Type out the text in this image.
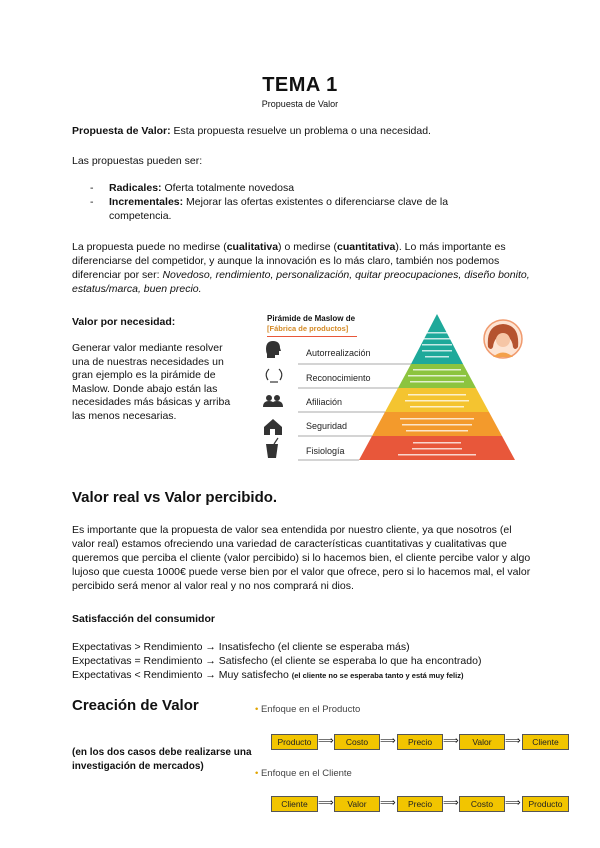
TEMA 1
Propuesta de Valor

Propuesta de Valor: Esta propuesta resuelve un problema o una necesidad.

Las propuestas pueden ser:

- Radicales: Oferta totalmente novedosa
- Incrementales: Mejorar las ofertas existentes o diferenciarse clave de la competencia.

La propuesta puede no medirse (cualitativa) o medirse (cuantitativa). Lo más importante es diferenciarse del competidor, y aunque la innovación es lo más claro, también nos podemos diferenciar por ser: Novedoso, rendimiento, personalización, quitar preocupaciones, diseño bonito, estatus/marca, buen precio.

Valor por necesidad:

Generar valor mediante resolver una de nuestras necesidades un gran ejemplo es la pirámide de Maslow. Donde abajo están las necesidades más básicas y arriba las menos necesarias.

Pirámide de Maslow de
[Fábrica de productos]
Autorrealización
Reconocimiento
Afiliación
Seguridad
Fisiología
Valor real vs Valor percibido.

Es importante que la propuesta de valor sea entendida por nuestro cliente, ya que nosotros (el valor real) estamos ofreciendo una variedad de características cuantitativas y cualitativas que queremos que perciba el cliente (valor percibido) si lo hacemos bien, el cliente percibe valor y algo lujoso que cuesta 1000€ puede verse bien por el valor que ofrece, pero si lo hacemos mal, el valor percibido será menor al valor real y no nos comprará ni dios.

Satisfacción del consumidor
Expectativas > Rendimiento → Insatisfecho (el cliente se esperaba más)
Expectativas = Rendimiento → Satisfecho (el cliente se esperaba lo que ha encontrado)
Expectativas < Rendimiento → Muy satisfecho (el cliente no se esperaba tanto y está muy feliz)
Creación de Valor
(en los dos casos debe realizarse una investigación de mercados)
• Enfoque en el Producto
Producto ⟹	Costo	⟹	Precio ⟹	Valor	⟹	Cliente
• Enfoque en el Cliente
Cliente ⟹	Valor	⟹	Precio ⟹	Costo	⟹ Producto
